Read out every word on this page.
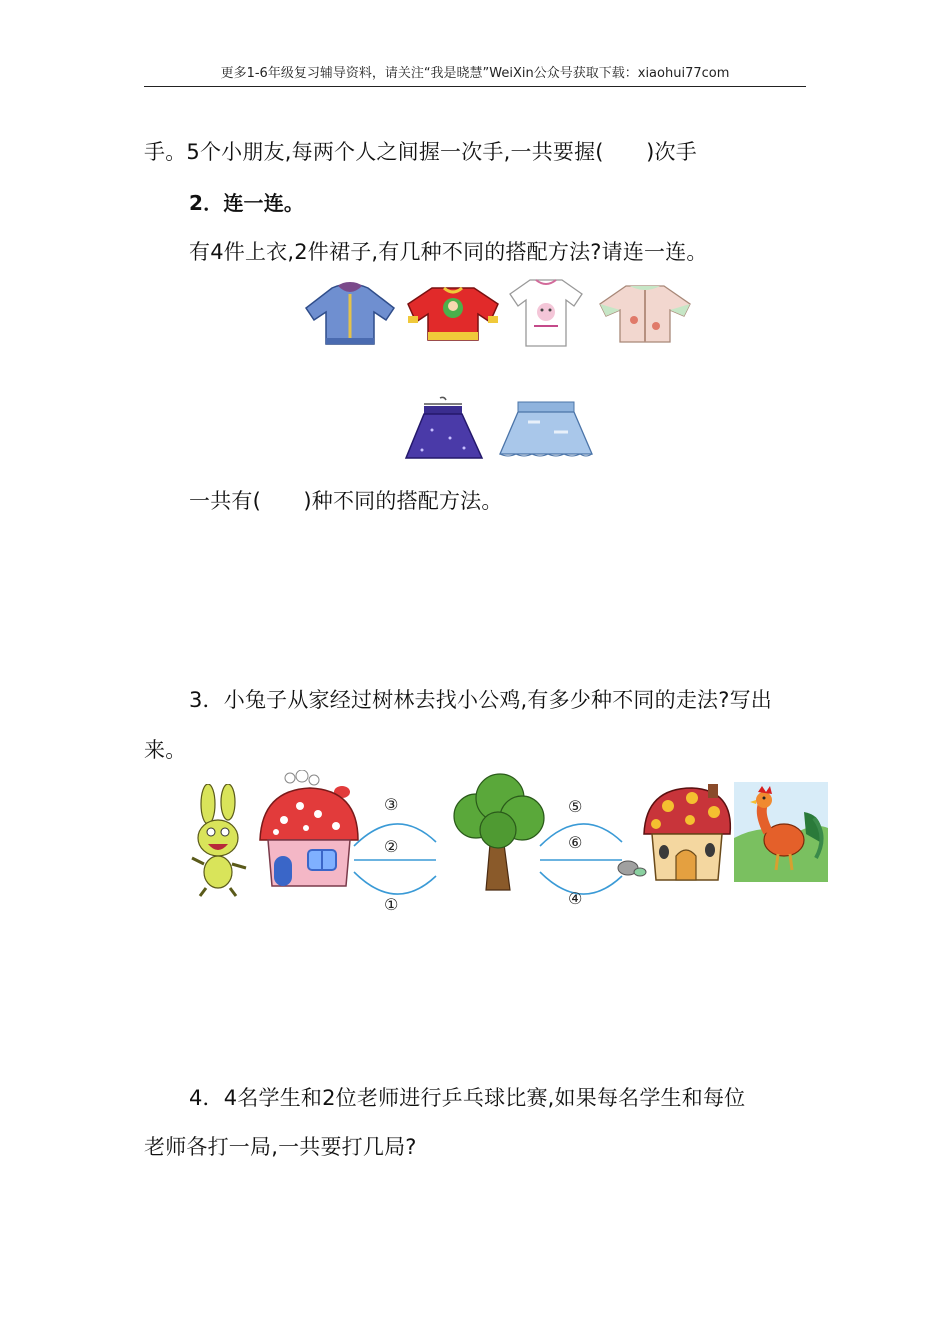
更多1-6年级复习辅导资料，请关注“我是晓慧”WeiXin公众号获取下载：xiaohui77com
手。5个小朋友,每两个人之间握一次手,一共要握(　　)次手
2．连一连。
有4件上衣,2件裙子,有几种不同的搭配方法?请连一连。
一共有(　　)种不同的搭配方法。
3．小兔子从家经过树林去找小公鸡,有多少种不同的走法?写出
来。
③
②
①
⑤
⑥
④
4．4名学生和2位老师进行乒乓球比赛,如果每名学生和每位
老师各打一局,一共要打几局?
